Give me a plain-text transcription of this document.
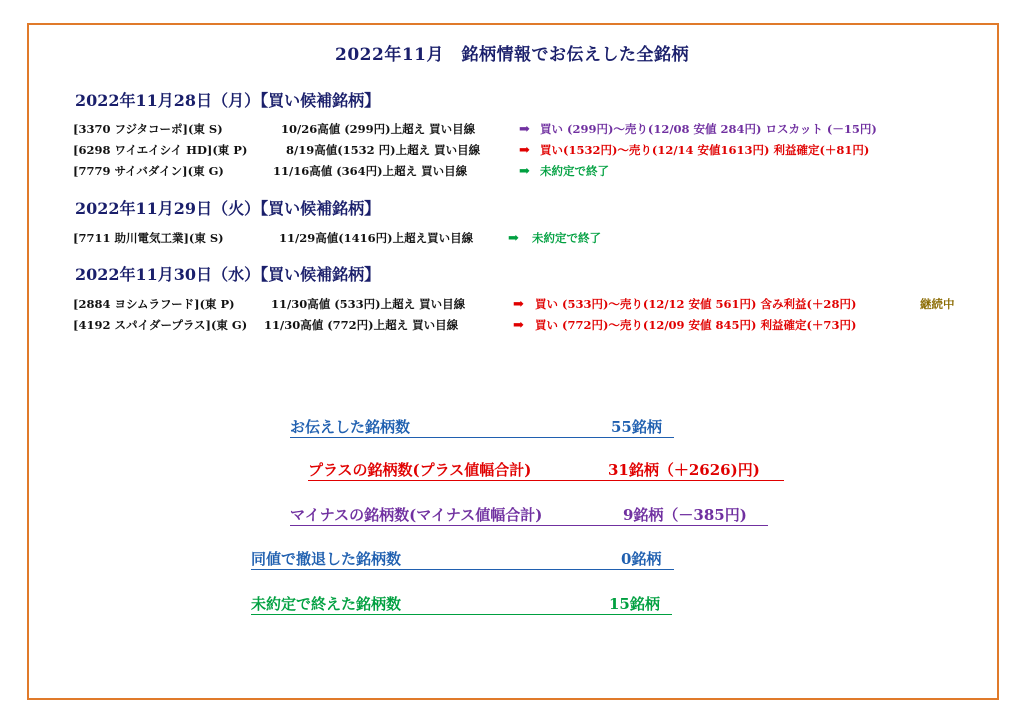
2022年11月　銘柄情報でお伝えした全銘柄
2022年11月28日（月）【買い候補銘柄】
[3370 フジタコーポ](東 S)	10/26高値 (299円)上超え 買い目線	➡ 買い (299円)～売り(12/08 安値 284円) ロスカット (－15円)
[6298 ワイエイシイ HD](東 P)	8/19高値(1532 円)上超え 買い目線	➡ 買い(1532円)～売り(12/14 安値1613円) 利益確定(＋81円)
[7779 サイバダイン](東 G)	11/16高値 (364円)上超え 買い目線	➡ 未約定で終了
2022年11月29日（火）【買い候補銘柄】
[7711 助川電気工業](東 S)	11/29高値(1416円)上超え買い目線	➡ 未約定で終了
2022年11月30日（水）【買い候補銘柄】
[2884 ヨシムラフード](東 P)	11/30高値 (533円)上超え 買い目線	➡ 買い (533円)～売り(12/12 安値 561円) 含み利益(＋28円)	継続中
[4192 スパイダープラス](東 G) 11/30高値 (772円)上超え 買い目線	➡ 買い (772円)～売り(12/09 安値 845円) 利益確定(＋73円)
お伝えした銘柄数	55銘柄
プラスの銘柄数(プラス値幅合計)	31銘柄（＋2626)円)
マイナスの銘柄数(マイナス値幅合計)	9銘柄（－385円)
同値で撤退した銘柄数	0銘柄
未約定で終えた銘柄数	15銘柄
